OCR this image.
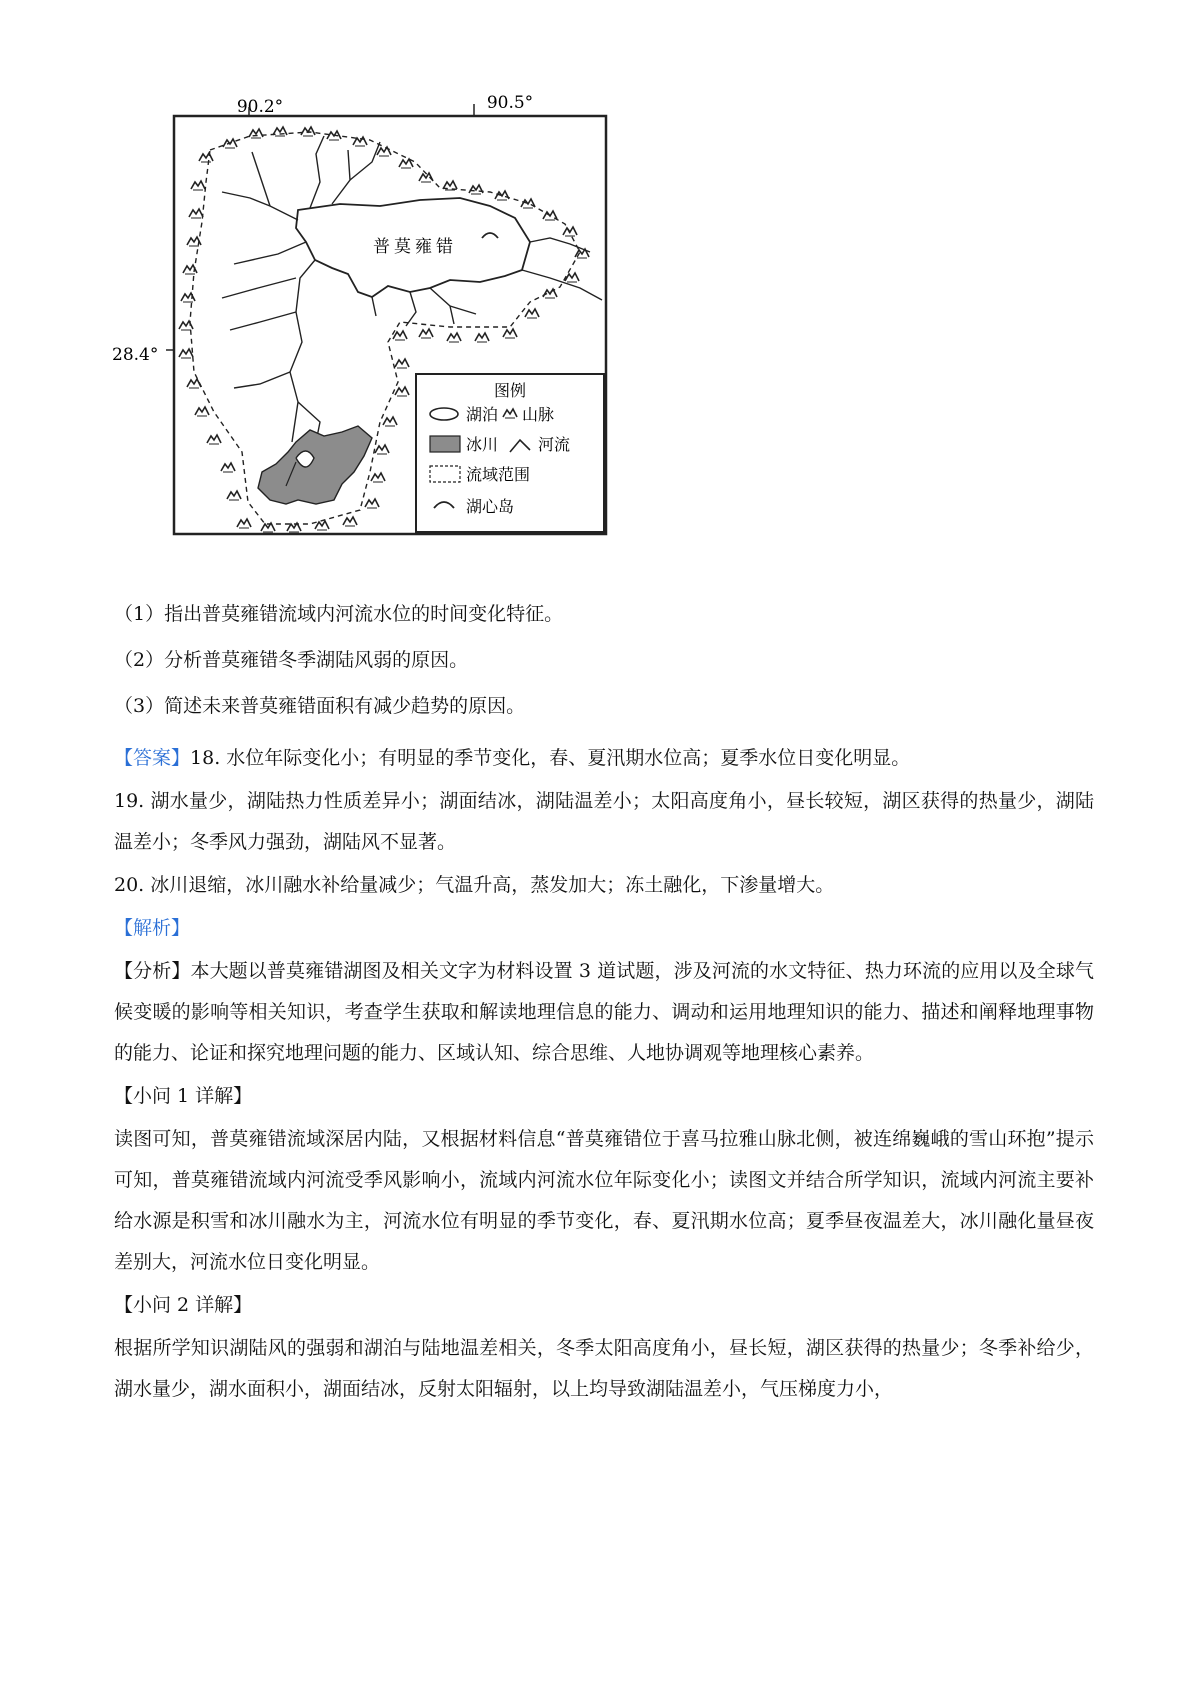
90.2°	90.5°
28.4°
普莫雍错
图例
湖泊 山脉
冰川 河流
流域范围
湖心岛

（1）指出普莫雍错流域内河流水位的时间变化特征。

（2）分析普莫雍错冬季湖陆风弱的原因。

（3）简述未来普莫雍错面积有减少趋势的原因。

【答案】18. 水位年际变化小；有明显的季节变化，春、夏汛期水位高；夏季水位日变化明显。

19. 湖水量少，湖陆热力性质差异小；湖面结冰，湖陆温差小；太阳高度角小，昼长较短，湖区获得的热量少，湖陆温差小；冬季风力强劲，湖陆风不显著。

20. 冰川退缩，冰川融水补给量减少；气温升高，蒸发加大；冻土融化，下渗量增大。

【解析】

【分析】本大题以普莫雍错湖图及相关文字为材料设置 3 道试题，涉及河流的水文特征、热力环流的应用以及全球气候变暖的影响等相关知识，考查学生获取和解读地理信息的能力、调动和运用地理知识的能力、描述和阐释地理事物的能力、论证和探究地理问题的能力、区域认知、综合思维、人地协调观等地理核心素养。

【小问 1 详解】

读图可知，普莫雍错流域深居内陆，又根据材料信息“普莫雍错位于喜马拉雅山脉北侧，被连绵巍峨的雪山环抱”提示可知，普莫雍错流域内河流受季风影响小，流域内河流水位年际变化小；读图文并结合所学知识，流域内河流主要补给水源是积雪和冰川融水为主，河流水位有明显的季节变化，春、夏汛期水位高；夏季昼夜温差大，冰川融化量昼夜差别大，河流水位日变化明显。

【小问 2 详解】

根据所学知识湖陆风的强弱和湖泊与陆地温差相关，冬季太阳高度角小，昼长短，湖区获得的热量少；冬季补给少，湖水量少，湖水面积小，湖面结冰，反射太阳辐射，以上均导致湖陆温差小，气压梯度力小，
